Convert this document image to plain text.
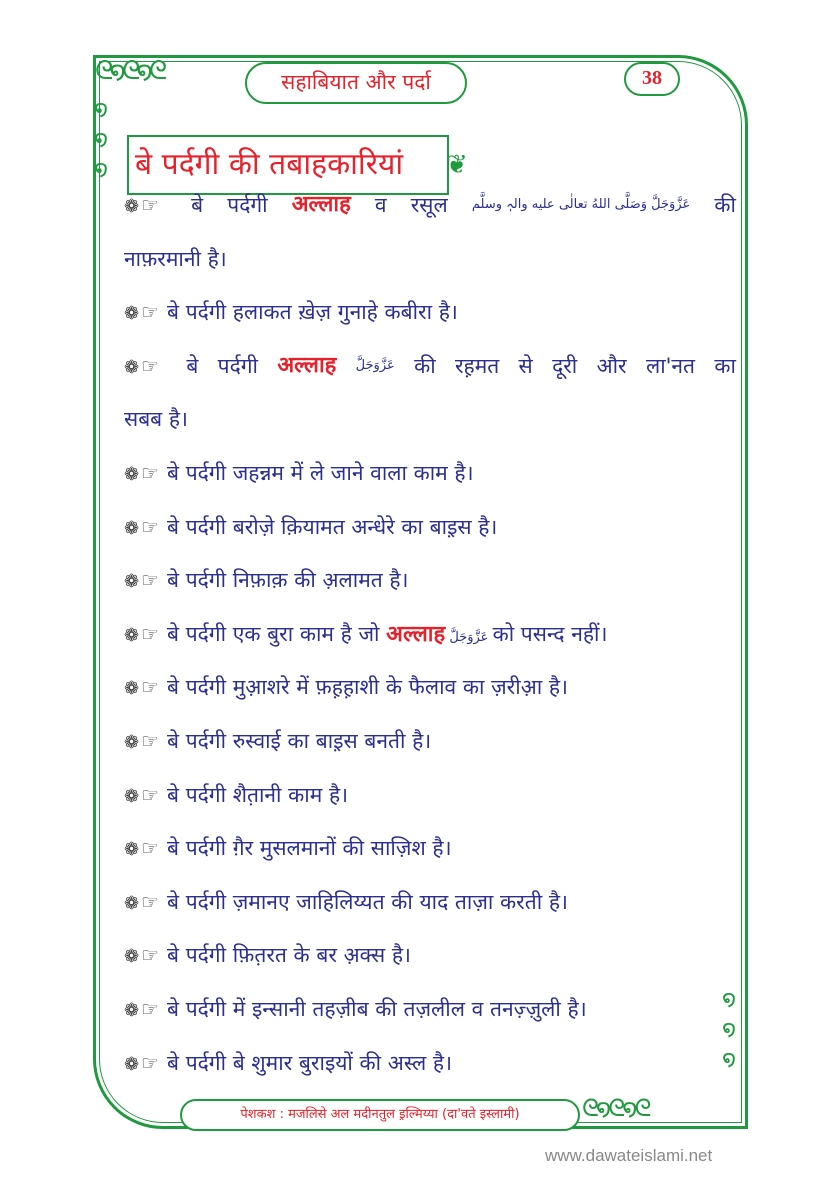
ᘓ໑ᘓ໑ᘓ
໑
໑
໑
ᘓ໑ᘓ໑ᘓ
໑
໑
໑
सहाबियात और पर्दा	38
बे पर्दगी की तबाहकारियां	❦
❁ ☞	बे पर्दगी अल्लाह व रसूल عَزَّوَجَلَّ وَصَلَّى اللهُ تعالٰی علیه والہٖ وسلَّم की
नाफ़रमानी है।
❁ ☞ बे पर्दगी हलाकत ख़ेज़ गुनाहे कबीरा है।
❁ ☞	बे पर्दगी अल्लाह عَزَّوَجَلَّ की रह़मत से दूरी और ला'नत का
सबब है।
❁ ☞ बे पर्दगी जहन्नम में ले जाने वाला काम है।
❁ ☞ बे पर्दगी बरोज़े क़ियामत अन्धेरे का बाइ़स है।
❁ ☞ बे पर्दगी निफ़ाक़ की अ़लामत है।
❁ ☞ बे पर्दगी एक बुरा काम है जो अल्लाह عَزَّوَجَلَّ को पसन्द नहीं।
❁ ☞ बे पर्दगी मुआ़शरे में फ़ह़ह़ाशी के फैलाव का ज़रीआ़ है।
❁ ☞ बे पर्दगी रुस्वाई का बाइ़स बनती है।
❁ ☞ बे पर्दगी शैत़ानी काम है।
❁ ☞ बे पर्दगी ग़ैर मुसलमानों की साज़िश है।
❁ ☞ बे पर्दगी ज़मानए जाहिलिय्यत की याद ताज़ा करती है।
❁ ☞ बे पर्दगी फ़ित़रत के बर अ़क्स है।
❁ ☞ बे पर्दगी में इन्सानी तहज़ीब की तज़लील व तनज़्ज़ुली है।
❁ ☞ बे पर्दगी बे शुमार बुराइयों की अस्ल है।
पेशकश : मजलिसे अल मदीनतुल इ़ल्मिय्या (दा'वते इस्लामी)
www.dawateislami.net
